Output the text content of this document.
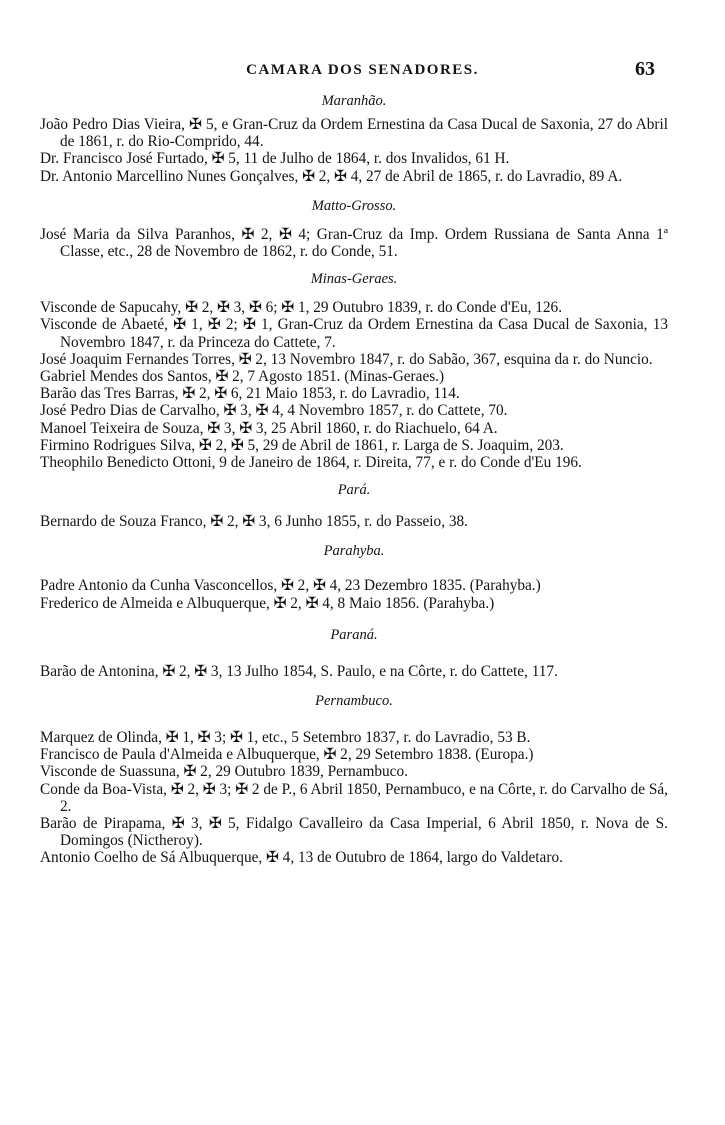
CAMARA DOS SENADORES.	63
Maranhão.

João Pedro Dias Vieira, ✠ 5, e Gran-Cruz da Ordem Ernestina da Casa Ducal de Saxonia, 27 do Abril de 1861, r. do Rio-Comprido, 44.

Dr. Francisco José Furtado, ✠ 5, 11 de Julho de 1864, r. dos Invalidos, 61 H.

Dr. Antonio Marcellino Nunes Gonçalves, ✠ 2, ✠ 4, 27 de Abril de 1865, r. do Lavradio, 89 A.

Matto-Grosso.

José Maria da Silva Paranhos, ✠ 2, ✠ 4; Gran-Cruz da Imp. Ordem Russiana de Santa Anna 1ª Classe, etc., 28 de Novembro de 1862, r. do Conde, 51.

Minas-Geraes.

Visconde de Sapucahy, ✠ 2, ✠ 3, ✠ 6; ✠ 1, 29 Outubro 1839, r. do Conde d'Eu, 126.

Visconde de Abaeté, ✠ 1, ✠ 2; ✠ 1, Gran-Cruz da Ordem Ernestina da Casa Ducal de Saxonia, 13 Novembro 1847, r. da Princeza do Cattete, 7.

José Joaquim Fernandes Torres, ✠ 2, 13 Novembro 1847, r. do Sabão, 367, esquina da r. do Nuncio.

Gabriel Mendes dos Santos, ✠ 2, 7 Agosto 1851. (Minas-Geraes.)

Barão das Tres Barras, ✠ 2, ✠ 6, 21 Maio 1853, r. do Lavradio, 114.

José Pedro Dias de Carvalho, ✠ 3, ✠ 4, 4 Novembro 1857, r. do Cattete, 70.

Manoel Teixeira de Souza, ✠ 3, ✠ 3, 25 Abril 1860, r. do Riachuelo, 64 A.

Firmino Rodrigues Silva, ✠ 2, ✠ 5, 29 de Abril de 1861, r. Larga de S. Joaquim, 203.

Theophilo Benedicto Ottoni, 9 de Janeiro de 1864, r. Direita, 77, e r. do Conde d'Eu 196.

Pará.

Bernardo de Souza Franco, ✠ 2, ✠ 3, 6 Junho 1855, r. do Passeio, 38.

Parahyba.

Padre Antonio da Cunha Vasconcellos, ✠ 2, ✠ 4, 23 Dezembro 1835. (Parahyba.)

Frederico de Almeida e Albuquerque, ✠ 2, ✠ 4, 8 Maio 1856. (Parahyba.)

Paraná.

Barão de Antonina, ✠ 2, ✠ 3, 13 Julho 1854, S. Paulo, e na Côrte, r. do Cattete, 117.

Pernambuco.

Marquez de Olinda, ✠ 1, ✠ 3; ✠ 1, etc., 5 Setembro 1837, r. do Lavradio, 53 B.

Francisco de Paula d'Almeida e Albuquerque, ✠ 2, 29 Setembro 1838. (Europa.)

Visconde de Suassuna, ✠ 2, 29 Outubro 1839, Pernambuco.

Conde da Boa-Vista, ✠ 2, ✠ 3; ✠ 2 de P., 6 Abril 1850, Pernambuco, e na Côrte, r. do Carvalho de Sá, 2.

Barão de Pirapama, ✠ 3, ✠ 5, Fidalgo Cavalleiro da Casa Imperial, 6 Abril 1850, r. Nova de S. Domingos (Nictheroy).

Antonio Coelho de Sá Albuquerque, ✠ 4, 13 de Outubro de 1864, largo do Valdetaro.
